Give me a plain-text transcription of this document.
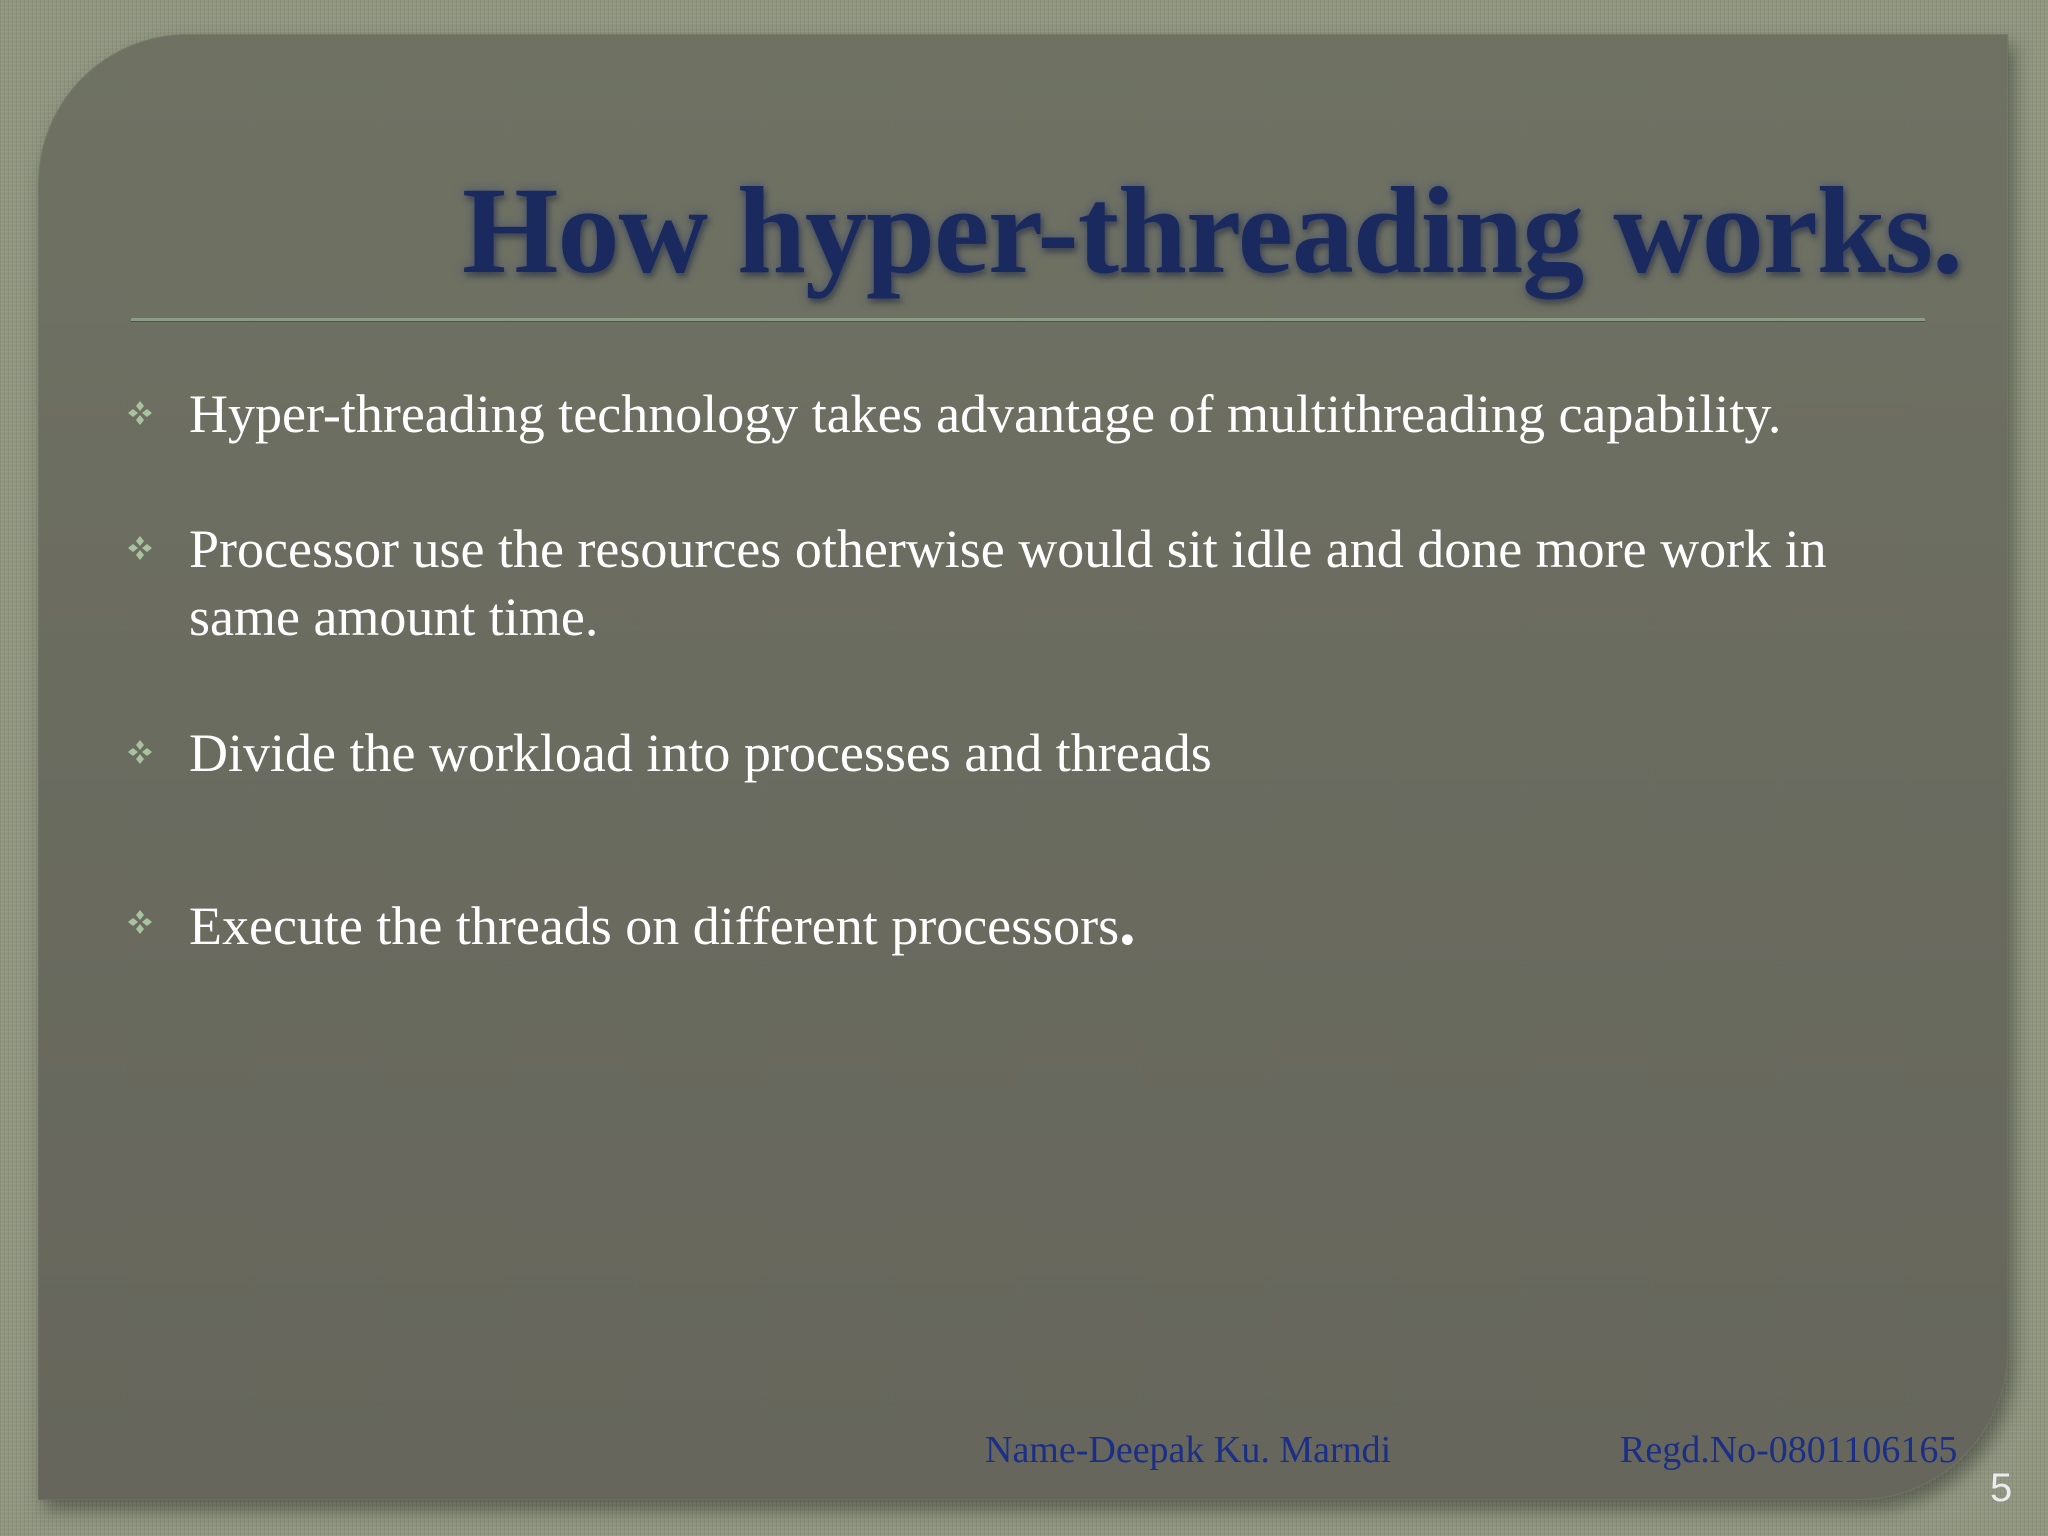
How hyper-threading works.
Hyper-threading technology takes advantage of multithreading capability.
Processor use the resources otherwise would sit idle and done more work in same amount time.
Divide the workload into processes and threads
Execute the threads on different processors.
Name-Deepak Ku. Marndi	Regd.No-0801106165
5
